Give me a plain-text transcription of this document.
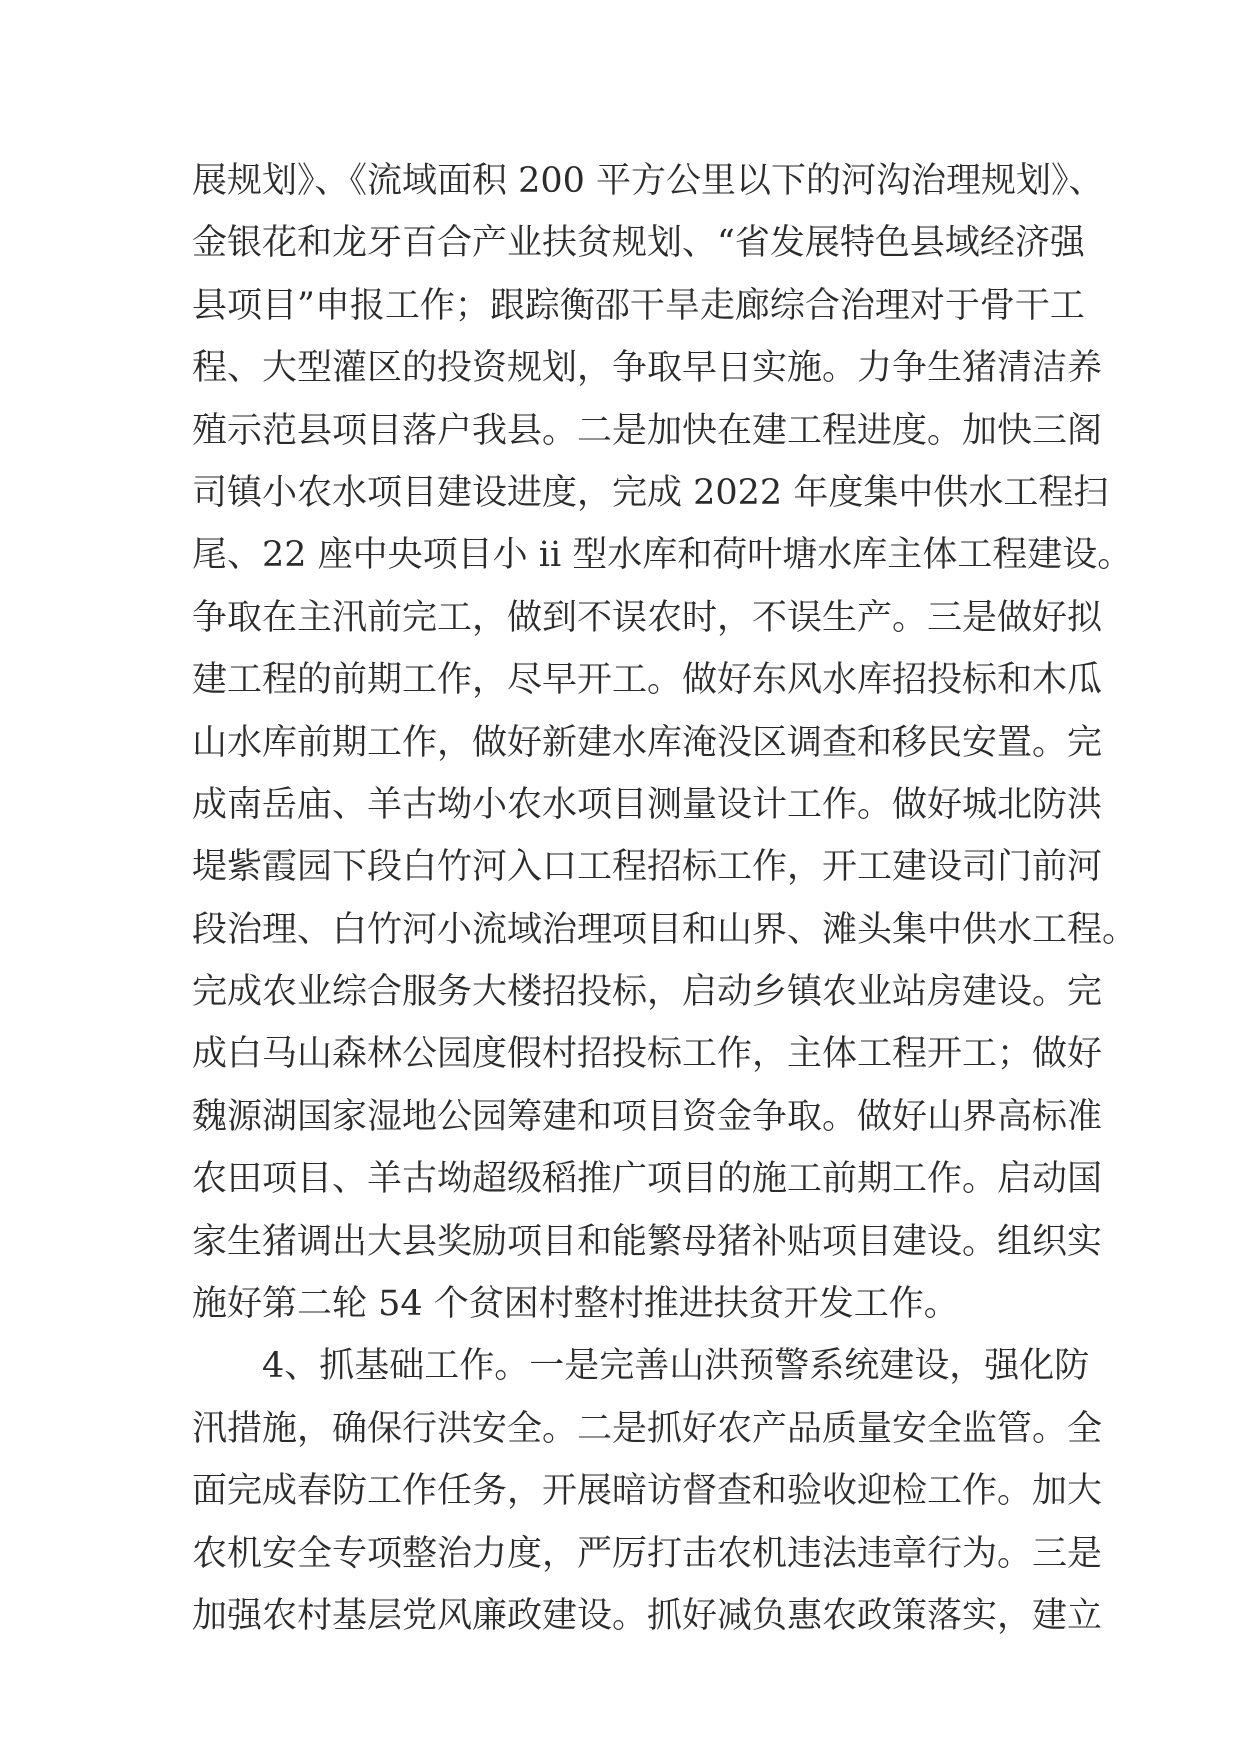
展规划》、《流域面积 200 平方公里以下的河沟治理规划》、
金银花和龙牙百合产业扶贫规划、“省发展特色县域经济强
县项目”申报工作；跟踪衡邵干旱走廊综合治理对于骨干工
程、大型灌区的投资规划，争取早日实施。力争生猪清洁养
殖示范县项目落户我县。二是加快在建工程进度。加快三阁
司镇小农水项目建设进度，完成 2022 年度集中供水工程扫
尾、22 座中央项目小 ii 型水库和荷叶塘水库主体工程建设。
争取在主汛前完工，做到不误农时，不误生产。三是做好拟
建工程的前期工作，尽早开工。做好东风水库招投标和木瓜
山水库前期工作，做好新建水库淹没区调查和移民安置。完
成南岳庙、羊古坳小农水项目测量设计工作。做好城北防洪
堤紫霞园下段白竹河入口工程招标工作，开工建设司门前河
段治理、白竹河小流域治理项目和山界、滩头集中供水工程。
完成农业综合服务大楼招投标，启动乡镇农业站房建设。完
成白马山森林公园度假村招投标工作，主体工程开工；做好
魏源湖国家湿地公园筹建和项目资金争取。做好山界高标准
农田项目、羊古坳超级稻推广项目的施工前期工作。启动国
家生猪调出大县奖励项目和能繁母猪补贴项目建设。组织实
施好第二轮 54 个贫困村整村推进扶贫开发工作。
　　4、抓基础工作。一是完善山洪预警系统建设，强化防
汛措施，确保行洪安全。二是抓好农产品质量安全监管。全
面完成春防工作任务，开展暗访督查和验收迎检工作。加大
农机安全专项整治力度，严厉打击农机违法违章行为。三是
加强农村基层党风廉政建设。抓好减负惠农政策落实，建立
